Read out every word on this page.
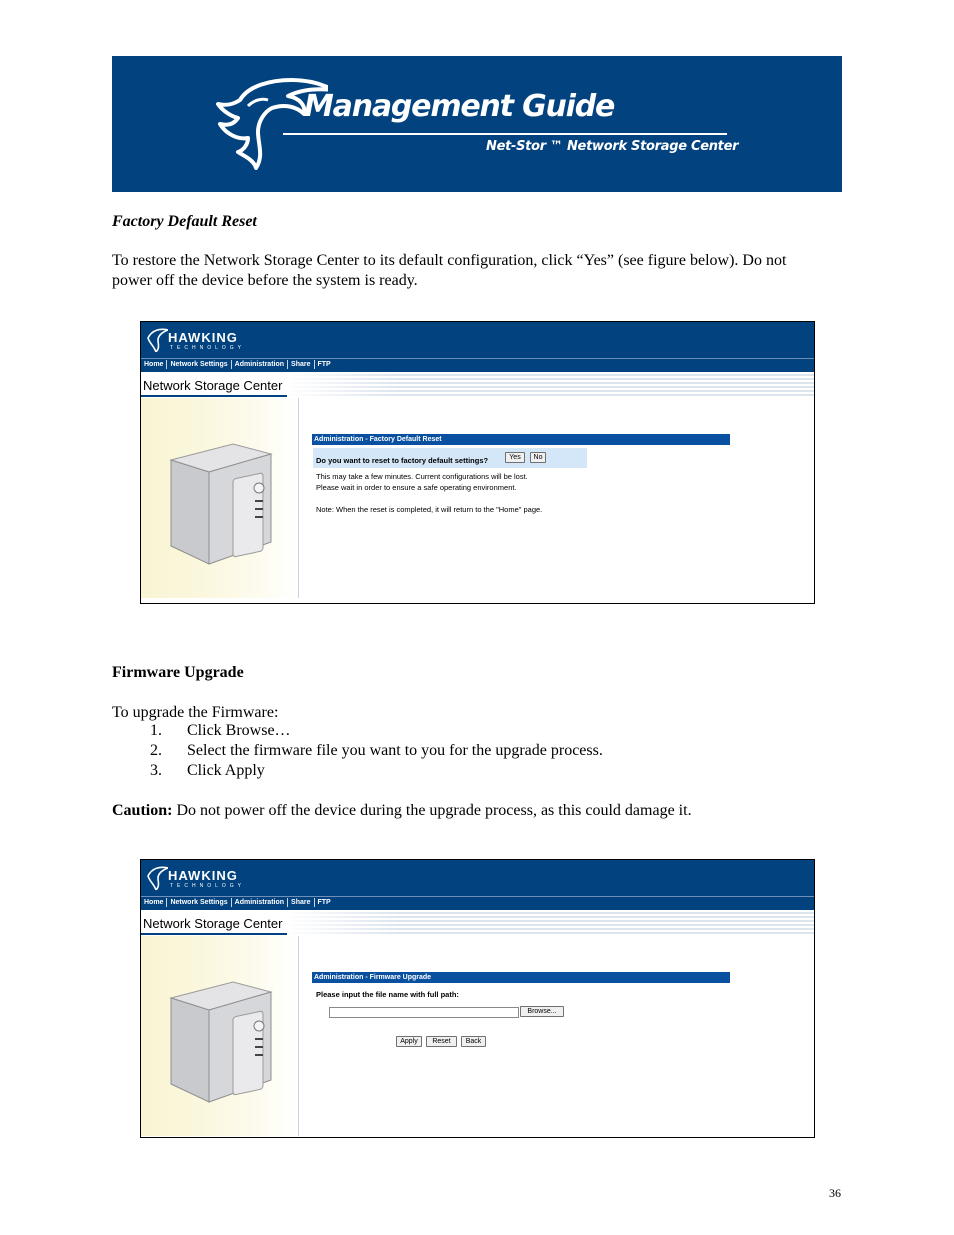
Management Guide
Net-Stor ™ Network Storage Center
Factory Default Reset
To restore the Network Storage Center to its default configuration, click “Yes” (see figure below). Do not
power off the device before the system is ready.
HAWKING
TECHNOLOGY
Home Network Settings Administration Share FTP
Network Storage Center
Administration - Factory Default Reset
Do you want to reset to factory default settings?	Yes	No
This may take a few minutes. Current configurations will be lost.
Please wait in order to ensure a safe operating environment.
Note: When the reset is completed, it will return to the "Home" page.
Firmware Upgrade
To upgrade the Firmware:
1.	Click Browse…
2.	Select the firmware file you want to you for the upgrade process.
3.	Click Apply
Caution: Do not power off the device during the upgrade process, as this could damage it.
HAWKING
TECHNOLOGY
Home Network Settings Administration Share FTP
Network Storage Center
Administration - Firmware Upgrade
Please input the file name with full path:
Browse...
Apply	Reset	Back
36
